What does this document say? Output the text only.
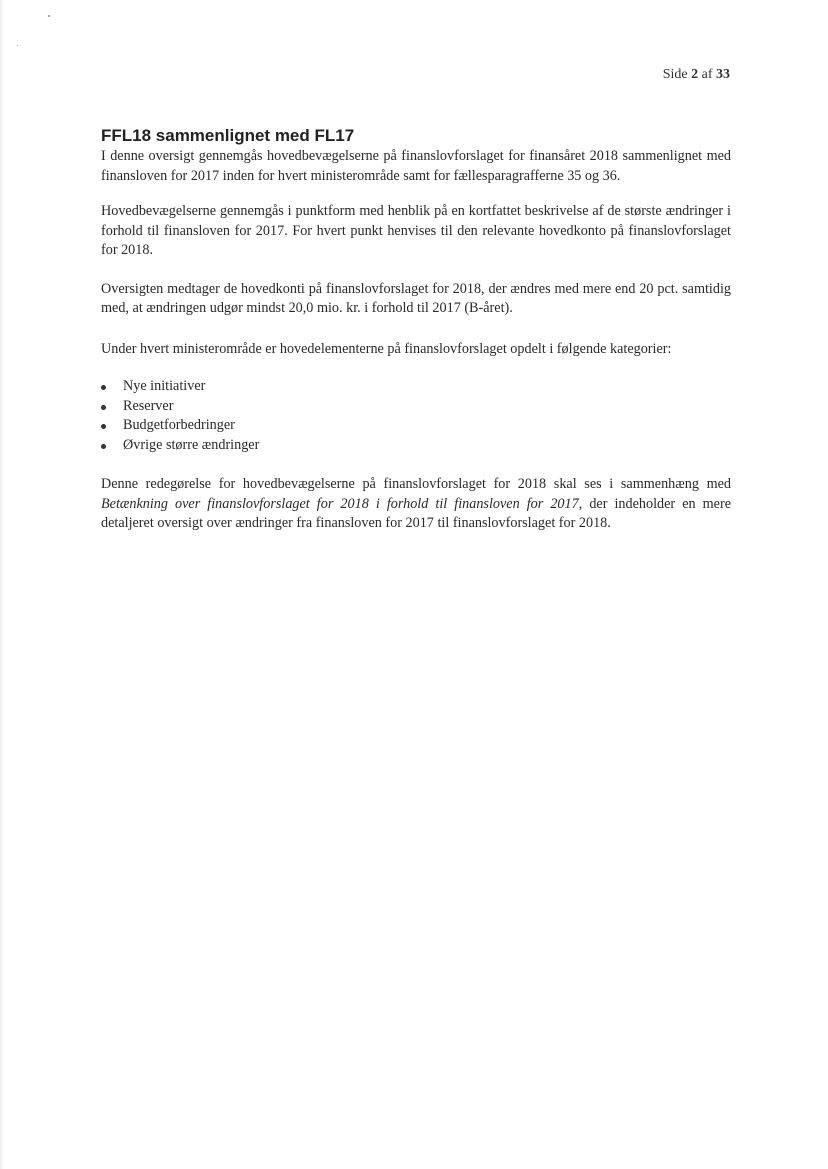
Side 2 af 33
FFL18 sammenlignet med FL17

I denne oversigt gennemgås hovedbevægelserne på finanslovforslaget for finansåret 2018 sammenlignet med finansloven for 2017 inden for hvert ministerområde samt for fællesparagrafferne 35 og 36.

Hovedbevægelserne gennemgås i punktform med henblik på en kortfattet beskrivelse af de største ændringer i forhold til finansloven for 2017. For hvert punkt henvises til den relevante hovedkonto på finanslovforslaget for 2018.

Oversigten medtager de hovedkonti på finanslovforslaget for 2018, der ændres med mere end 20 pct. samtidig med, at ændringen udgør mindst 20,0 mio. kr. i forhold til 2017 (B-året).

Under hvert ministerområde er hovedelementerne på finanslovforslaget opdelt i følgende kategorier:

Nye initiativer
Reserver
Budgetforbedringer
Øvrige større ændringer

Denne redegørelse for hovedbevægelserne på finanslovforslaget for 2018 skal ses i sammenhæng med Betænkning over finanslovforslaget for 2018 i forhold til finansloven for 2017, der indeholder en mere detaljeret oversigt over ændringer fra finansloven for 2017 til finanslovforslaget for 2018.
